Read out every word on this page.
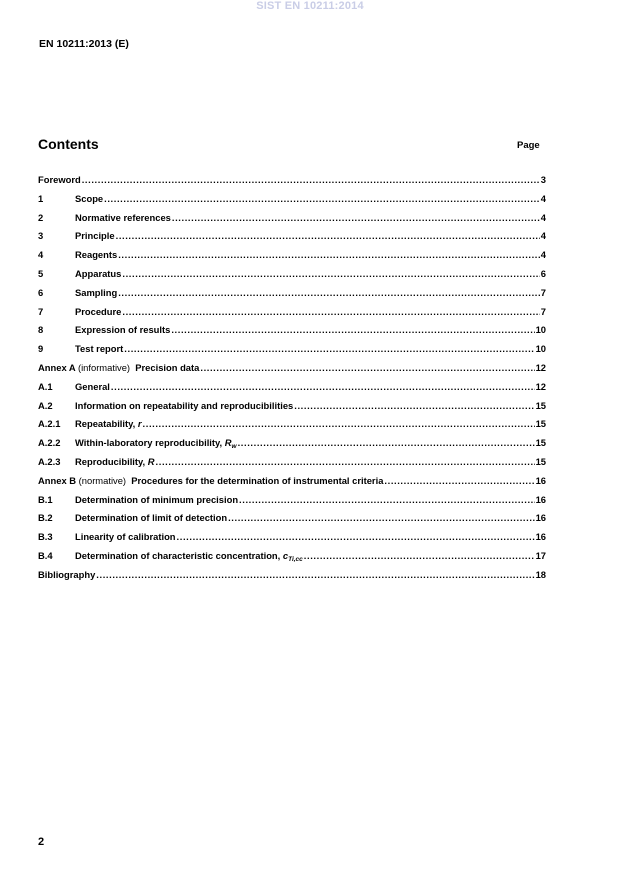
SIST EN 10211:2014
EN 10211:2013 (E)
Contents	Page
Foreword .....	3
1	Scope .....	4
2	Normative references .....	4
3	Principle .....	4
4	Reagents .....	4
5	Apparatus .....	6
6	Sampling .....	7
7	Procedure .....	7
8	Expression of results .....	10
9	Test report .....	10
Annex A (informative) Precision data .....	12
A.1	General .....	12
A.2	Information on repeatability and reproducibilities .....	15
A.2.1	Repeatability, r .....	15
A.2.2	Within-laboratory reproducibility, $R_w$ .....	15
A.2.3	Reproducibility, R .....	15
Annex B (normative) Procedures for the determination of instrumental criteria .....	16
B.1	Determination of minimum precision .....	16
B.2	Determination of limit of detection .....	16
B.3	Linearity of calibration .....	16
B.4	Determination of characteristic concentration, $c_{Ti,cc}$ .....	17
Bibliography .....	18
2
